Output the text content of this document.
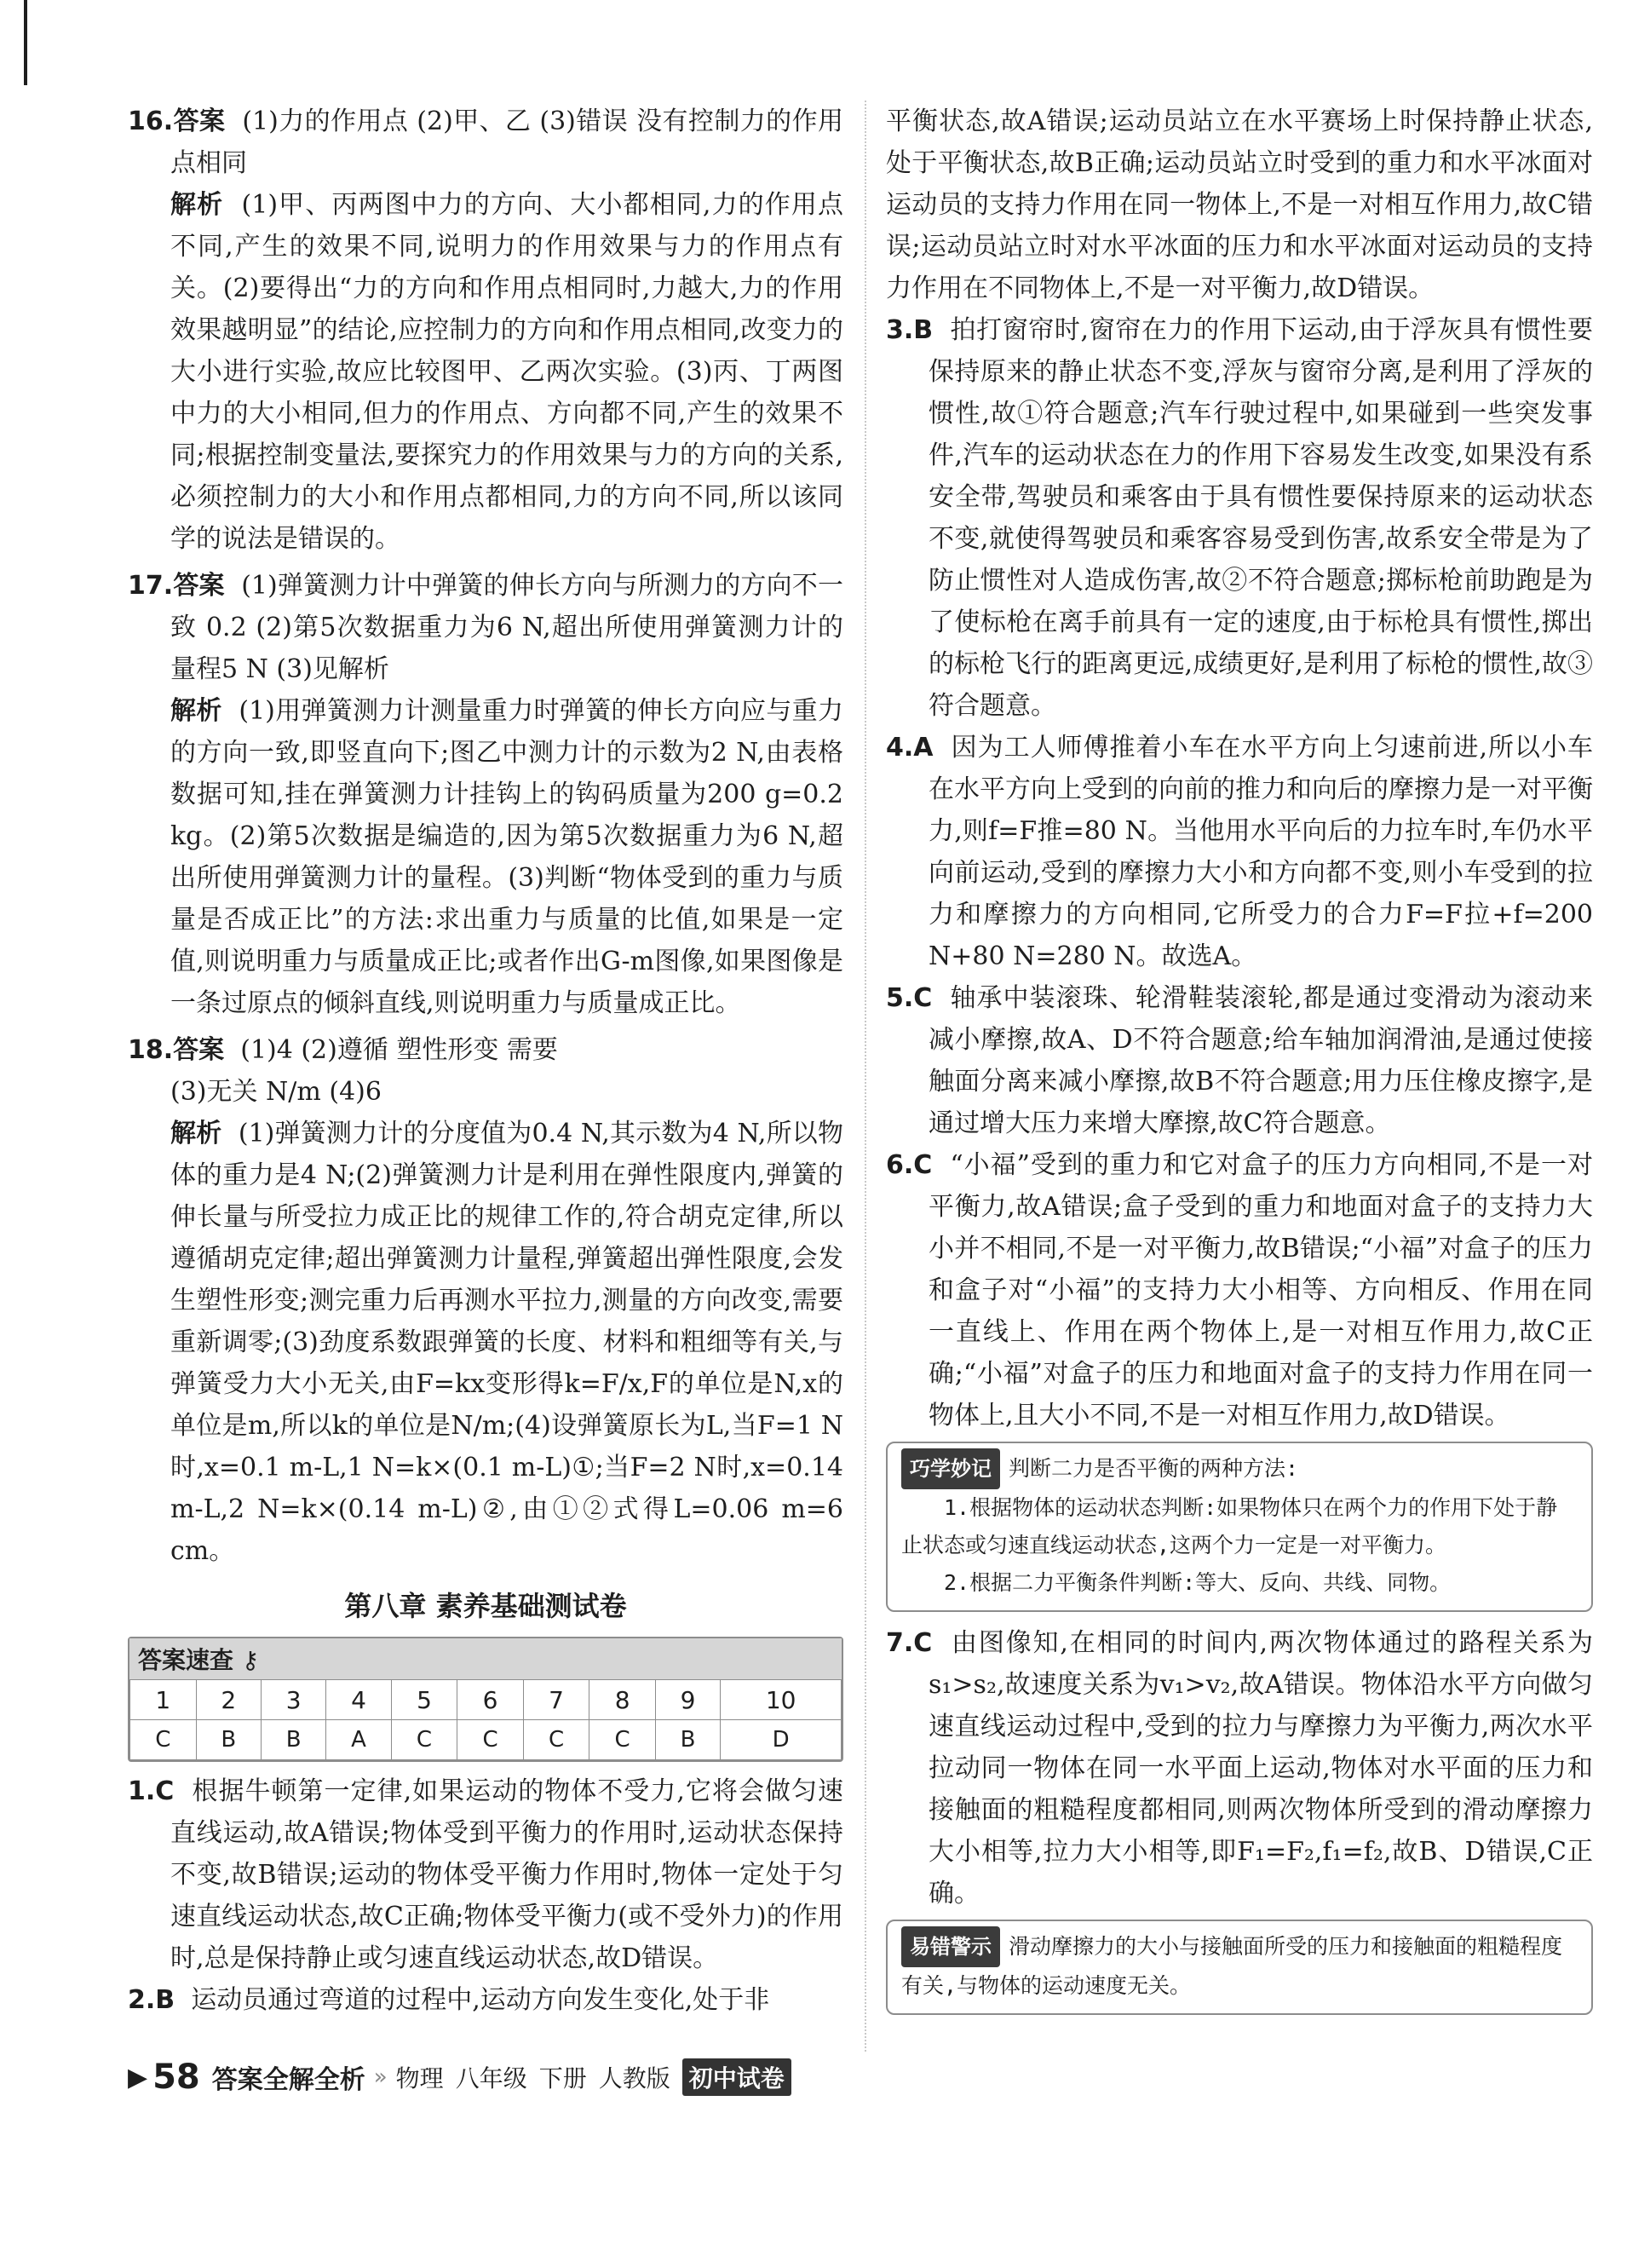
16.答案 (1)力的作用点 (2)甲、乙 (3)错误 没有控制力的作用点相同

解析 (1)甲、丙两图中力的方向、大小都相同,力的作用点不同,产生的效果不同,说明力的作用效果与力的作用点有关。(2)要得出“力的方向和作用点相同时,力越大,力的作用效果越明显”的结论,应控制力的方向和作用点相同,改变力的大小进行实验,故应比较图甲、乙两次实验。(3)丙、丁两图中力的大小相同,但力的作用点、方向都不同,产生的效果不同;根据控制变量法,要探究力的作用效果与力的方向的关系,必须控制力的大小和作用点都相同,力的方向不同,所以该同学的说法是错误的。

17.答案 (1)弹簧测力计中弹簧的伸长方向与所测力的方向不一致 0.2 (2)第5次数据重力为6 N,超出所使用弹簧测力计的量程5 N (3)见解析

解析 (1)用弹簧测力计测量重力时弹簧的伸长方向应与重力的方向一致,即竖直向下;图乙中测力计的示数为2 N,由表格数据可知,挂在弹簧测力计挂钩上的钩码质量为200 g=0.2 kg。(2)第5次数据是编造的,因为第5次数据重力为6 N,超出所使用弹簧测力计的量程。(3)判断“物体受到的重力与质量是否成正比”的方法:求出重力与质量的比值,如果是一定值,则说明重力与质量成正比;或者作出G-m图像,如果图像是一条过原点的倾斜直线,则说明重力与质量成正比。

18.答案 (1)4 (2)遵循 塑性形变 需要

(3)无关 N/m (4)6

解析 (1)弹簧测力计的分度值为0.4 N,其示数为4 N,所以物体的重力是4 N;(2)弹簧测力计是利用在弹性限度内,弹簧的伸长量与所受拉力成正比的规律工作的,符合胡克定律,所以遵循胡克定律;超出弹簧测力计量程,弹簧超出弹性限度,会发生塑性形变;测完重力后再测水平拉力,测量的方向改变,需要重新调零;(3)劲度系数跟弹簧的长度、材料和粗细等有关,与弹簧受力大小无关,由F=kx变形得k=F/x,F的单位是N,x的单位是m,所以k的单位是N/m;(4)设弹簧原长为L,当F=1 N时,x=0.1 m-L,1 N=k×(0.1 m-L)①;当F=2 N时,x=0.14 m-L,2 N=k×(0.14 m-L)②,由①②式得L=0.06 m=6 cm。

第八章 素养基础测试卷
答案速查 ⚷
1	2	3	4	5	6	7	8	9	10
C	B	B	A	C	C	C	C	B	D

1.C 根据牛顿第一定律,如果运动的物体不受力,它将会做匀速直线运动,故A错误;物体受到平衡力的作用时,运动状态保持不变,故B错误;运动的物体受平衡力作用时,物体一定处于匀速直线运动状态,故C正确;物体受平衡力(或不受外力)的作用时,总是保持静止或匀速直线运动状态,故D错误。

2.B 运动员通过弯道的过程中,运动方向发生变化,处于非

平衡状态,故A错误;运动员站立在水平赛场上时保持静止状态,处于平衡状态,故B正确;运动员站立时受到的重力和水平冰面对运动员的支持力作用在同一物体上,不是一对相互作用力,故C错误;运动员站立时对水平冰面的压力和水平冰面对运动员的支持力作用在不同物体上,不是一对平衡力,故D错误。

3.B 拍打窗帘时,窗帘在力的作用下运动,由于浮灰具有惯性要保持原来的静止状态不变,浮灰与窗帘分离,是利用了浮灰的惯性,故①符合题意;汽车行驶过程中,如果碰到一些突发事件,汽车的运动状态在力的作用下容易发生改变,如果没有系安全带,驾驶员和乘客由于具有惯性要保持原来的运动状态不变,就使得驾驶员和乘客容易受到伤害,故系安全带是为了防止惯性对人造成伤害,故②不符合题意;掷标枪前助跑是为了使标枪在离手前具有一定的速度,由于标枪具有惯性,掷出的标枪飞行的距离更远,成绩更好,是利用了标枪的惯性,故③符合题意。

4.A 因为工人师傅推着小车在水平方向上匀速前进,所以小车在水平方向上受到的向前的推力和向后的摩擦力是一对平衡力,则f=F推=80 N。当他用水平向后的力拉车时,车仍水平向前运动,受到的摩擦力大小和方向都不变,则小车受到的拉力和摩擦力的方向相同,它所受力的合力F=F拉+f=200 N+80 N=280 N。故选A。

5.C 轴承中装滚珠、轮滑鞋装滚轮,都是通过变滑动为滚动来减小摩擦,故A、D不符合题意;给车轴加润滑油,是通过使接触面分离来减小摩擦,故B不符合题意;用力压住橡皮擦字,是通过增大压力来增大摩擦,故C符合题意。

6.C “小福”受到的重力和它对盒子的压力方向相同,不是一对平衡力,故A错误;盒子受到的重力和地面对盒子的支持力大小并不相同,不是一对平衡力,故B错误;“小福”对盒子的压力和盒子对“小福”的支持力大小相等、方向相反、作用在同一直线上、作用在两个物体上,是一对相互作用力,故C正确;“小福”对盒子的压力和地面对盒子的支持力作用在同一物体上,且大小不同,不是一对相互作用力,故D错误。

巧学妙记 判断二力是否平衡的两种方法:
1.根据物体的运动状态判断:如果物体只在两个力的作用下处于静止状态或匀速直线运动状态,这两个力一定是一对平衡力。
2.根据二力平衡条件判断:等大、反向、共线、同物。

7.C 由图像知,在相同的时间内,两次物体通过的路程关系为s₁>s₂,故速度关系为v₁>v₂,故A错误。物体沿水平方向做匀速直线运动过程中,受到的拉力与摩擦力为平衡力,两次水平拉动同一物体在同一水平面上运动,物体对水平面的压力和接触面的粗糙程度都相同,则两次物体所受到的滑动摩擦力大小相等,拉力大小相等,即F₁=F₂,f₁=f₂,故B、D错误,C正确。

易错警示 滑动摩擦力的大小与接触面所受的压力和接触面的粗糙程度有关,与物体的运动速度无关。
▶ 58 答案全解全析 » 物理 八年级 下册 人教版 初中试卷
